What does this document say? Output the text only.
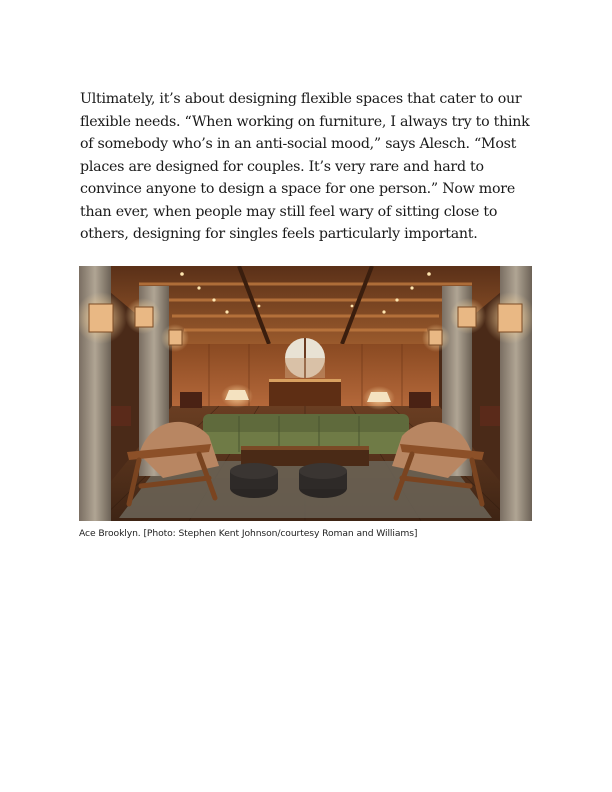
Ultimately, it’s about designing flexible spaces that cater to our flexible needs. “When working on furniture, I always try to think of somebody who’s in an anti-social mood,” says Alesch. “Most places are designed for couples. It’s very rare and hard to convince anyone to design a space for one person.” Now more than ever, when people may still feel wary of sitting close to others, designing for singles feels particularly important.

Ace Brooklyn. [Photo: Stephen Kent Johnson/courtesy Roman and Williams]
